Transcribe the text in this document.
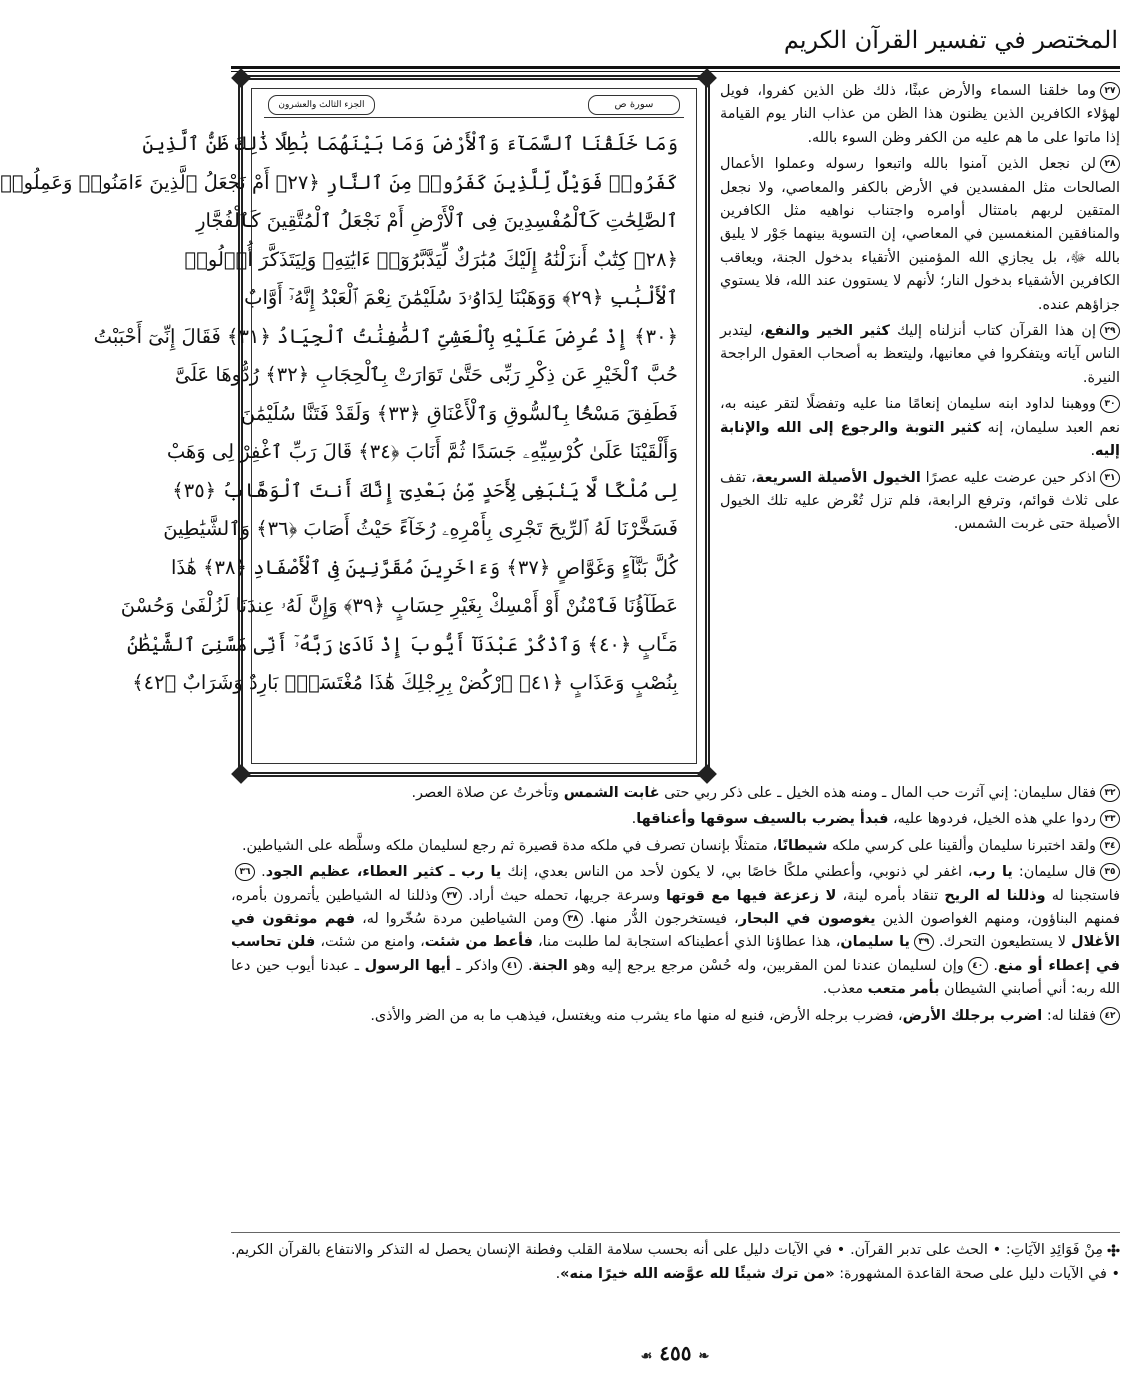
المختصر في تفسير القرآن الكريم
سورة ص
الجزء الثالث والعشرون
وَمَا خَلَقْنَا ٱلسَّمَآءَ وَٱلْأَرْضَ وَمَا بَيْنَهُمَا بَٰطِلًا ذَٰلِكَ ظَنُّ ٱلَّذِينَ
كَفَرُوا۟ فَوَيْلٌ لِّلَّذِينَ كَفَرُوا۟ مِنَ ٱلنَّارِ ﴿٢٧﴾ أَمْ نَجْعَلُ ٱلَّذِينَ ءَامَنُوا۟ وَعَمِلُوا۟
ٱلصَّٰلِحَٰتِ كَٱلْمُفْسِدِينَ فِى ٱلْأَرْضِ أَمْ نَجْعَلُ ٱلْمُتَّقِينَ كَٱلْفُجَّارِ
﴿٢٨﴾ كِتَٰبٌ أَنزَلْنَٰهُ إِلَيْكَ مُبَٰرَكٌ لِّيَدَّبَّرُوٓا۟ ءَايَٰتِهِۦ وَلِيَتَذَكَّرَ أُو۟لُوا۟
ٱلْأَلْبَٰبِ ﴿٢٩﴾ وَوَهَبْنَا لِدَاوُۥدَ سُلَيْمَٰنَ نِعْمَ ٱلْعَبْدُ إِنَّهُۥٓ أَوَّابٌ
﴿٣٠﴾ إِذْ عُرِضَ عَلَيْهِ بِٱلْعَشِىِّ ٱلصَّٰفِنَٰتُ ٱلْجِيَادُ ﴿٣١﴾ فَقَالَ إِنِّىٓ أَحْبَبْتُ
حُبَّ ٱلْخَيْرِ عَن ذِكْرِ رَبِّى حَتَّىٰ تَوَارَتْ بِٱلْحِجَابِ ﴿٣٢﴾ رُدُّوهَا عَلَىَّ
فَطَفِقَ مَسْحًۢا بِٱلسُّوقِ وَٱلْأَعْنَاقِ ﴿٣٣﴾ وَلَقَدْ فَتَنَّا سُلَيْمَٰنَ
وَأَلْقَيْنَا عَلَىٰ كُرْسِيِّهِۦ جَسَدًا ثُمَّ أَنَابَ ﴿٣٤﴾ قَالَ رَبِّ ٱغْفِرْ لِى وَهَبْ
لِى مُلْكًا لَّا يَنۢبَغِى لِأَحَدٍ مِّنۢ بَعْدِىٓ إِنَّكَ أَنتَ ٱلْوَهَّابُ ﴿٣٥﴾
فَسَخَّرْنَا لَهُ ٱلرِّيحَ تَجْرِى بِأَمْرِهِۦ رُخَآءً حَيْثُ أَصَابَ ﴿٣٦﴾ وَٱلشَّيَٰطِينَ
كُلَّ بَنَّآءٍ وَغَوَّاصٍ ﴿٣٧﴾ وَءَاخَرِينَ مُقَرَّنِينَ فِى ٱلْأَصْفَادِ ﴿٣٨﴾ هَٰذَا
عَطَآؤُنَا فَٱمْنُنْ أَوْ أَمْسِكْ بِغَيْرِ حِسَابٍ ﴿٣٩﴾ وَإِنَّ لَهُۥ عِندَنَا لَزُلْفَىٰ وَحُسْنَ
مَـَٔابٍ ﴿٤٠﴾ وَٱذْكُرْ عَبْدَنَآ أَيُّوبَ إِذْ نَادَىٰ رَبَّهُۥٓ أَنِّى مَسَّنِىَ ٱلشَّيْطَٰنُ
بِنُصْبٍ وَعَذَابٍ ﴿٤١﴾ ٱرْكُضْ بِرِجْلِكَ هَٰذَا مُغْتَسَلٌۢ بَارِدٌ وَشَرَابٌ ﴿٤٢﴾

٢٧وما خلقنا السماء والأرض عبثًا، ذلك ظن الذين كفروا، فويل لهؤلاء الكافرين الذين يظنون هذا الظن من عذاب النار يوم القيامة إذا ماتوا على ما هم عليه من الكفر وظن السوء بالله.

٢٨لن نجعل الذين آمنوا بالله واتبعوا رسوله وعملوا الأعمال الصالحات مثل المفسدين في الأرض بالكفر والمعاصي، ولا نجعل المتقين لربهم بامتثال أوامره واجتناب نواهيه مثل الكافرين والمنافقين المنغمسين في المعاصي، إن التسوية بينهما جَوْر لا يليق بالله ﷻ، بل يجازي الله المؤمنين الأتقياء بدخول الجنة، ويعاقب الكافرين الأشقياء بدخول النار؛ لأنهم لا يستوون عند الله، فلا يستوي جزاؤهم عنده.

٢٩إن هذا القرآن كتاب أنزلناه إليك كثير الخير والنفع، ليتدبر الناس آياته ويتفكروا في معانيها، وليتعظ به أصحاب العقول الراجحة النيرة.

٣٠ووهبنا لداود ابنه سليمان إنعامًا منا عليه وتفضلًا لتقر عينه به، نعم العبد سليمان، إنه كثير التوبة والرجوع إلى الله والإنابة إليه.

٣١اذكر حين عرضت عليه عصرًا الخيول الأصيلة السريعة، تقف على ثلاث قوائم، وترفع الرابعة، فلم تزل تُعْرض عليه تلك الخيول الأصيلة حتى غربت الشمس.

٣٢فقال سليمان: إني آثرت حب المال ـ ومنه هذه الخيل ـ على ذكر ربي حتى غابت الشمس وتأخرتُ عن صلاة العصر.

٣٣ردوا علي هذه الخيل، فردوها عليه، فبدأ يضرب بالسيف سوقها وأعناقها.

٣٤ولقد اختبرنا سليمان وألقينا على كرسي ملكه شيطانًا، متمثلًا بإنسان تصرف في ملكه مدة قصيرة ثم رجع لسليمان ملكه وسلَّطه على الشياطين.

٣٥قال سليمان: يا رب، اغفر لي ذنوبي، وأعطني ملكًا خاصًا بي، لا يكون لأحد من الناس بعدي، إنك يا رب ـ كثير العطاء، عظيم الجود. ٣٦فاستجبنا له وذللنا له الريح تنقاد بأمره لينة، لا زعزعة فيها مع قوتها وسرعة جريها، تحمله حيث أراد. ٣٧وذللنا له الشياطين يأتمرون بأمره، فمنهم البناؤون، ومنهم الغواصون الذين يغوصون في البحار، فيستخرجون الدُّر منها. ٣٨ومن الشياطين مردة سُخّروا له، فهم موثقون في الأغلال لا يستطيعون التحرك. ٣٩يا سليمان، هذا عطاؤنا الذي أعطيناكه استجابة لما طلبت منا، فأعط من شئت، وامنع من شئت، فلن تحاسب في إعطاء أو منع. ٤٠وإن لسليمان عندنا لمن المقربين، وله حُسْن مرجع يرجع إليه وهو الجنة. ٤١واذكر ـ أيها الرسول ـ عبدنا أيوب حين دعا الله ربه: أني أصابني الشيطان بأمر متعب معذب.

٤٢فقلنا له: اضرب برجلك الأرض، فضرب برجله الأرض، فنبع له منها ماء يشرب منه ويغتسل، فيذهب ما به من الضر والأذى.

مِنْ فَوَائِدِ الآيَاتِ: • الحث على تدبر القرآن. • في الآيات دليل على أنه بحسب سلامة القلب وفطنة الإنسان يحصل له التذكر والانتفاع بالقرآن الكريم. • في الآيات دليل على صحة القاعدة المشهورة: «من ترك شيئًا لله عوَّضه الله خيرًا منه».
❧ ٤٥٥ ☙
